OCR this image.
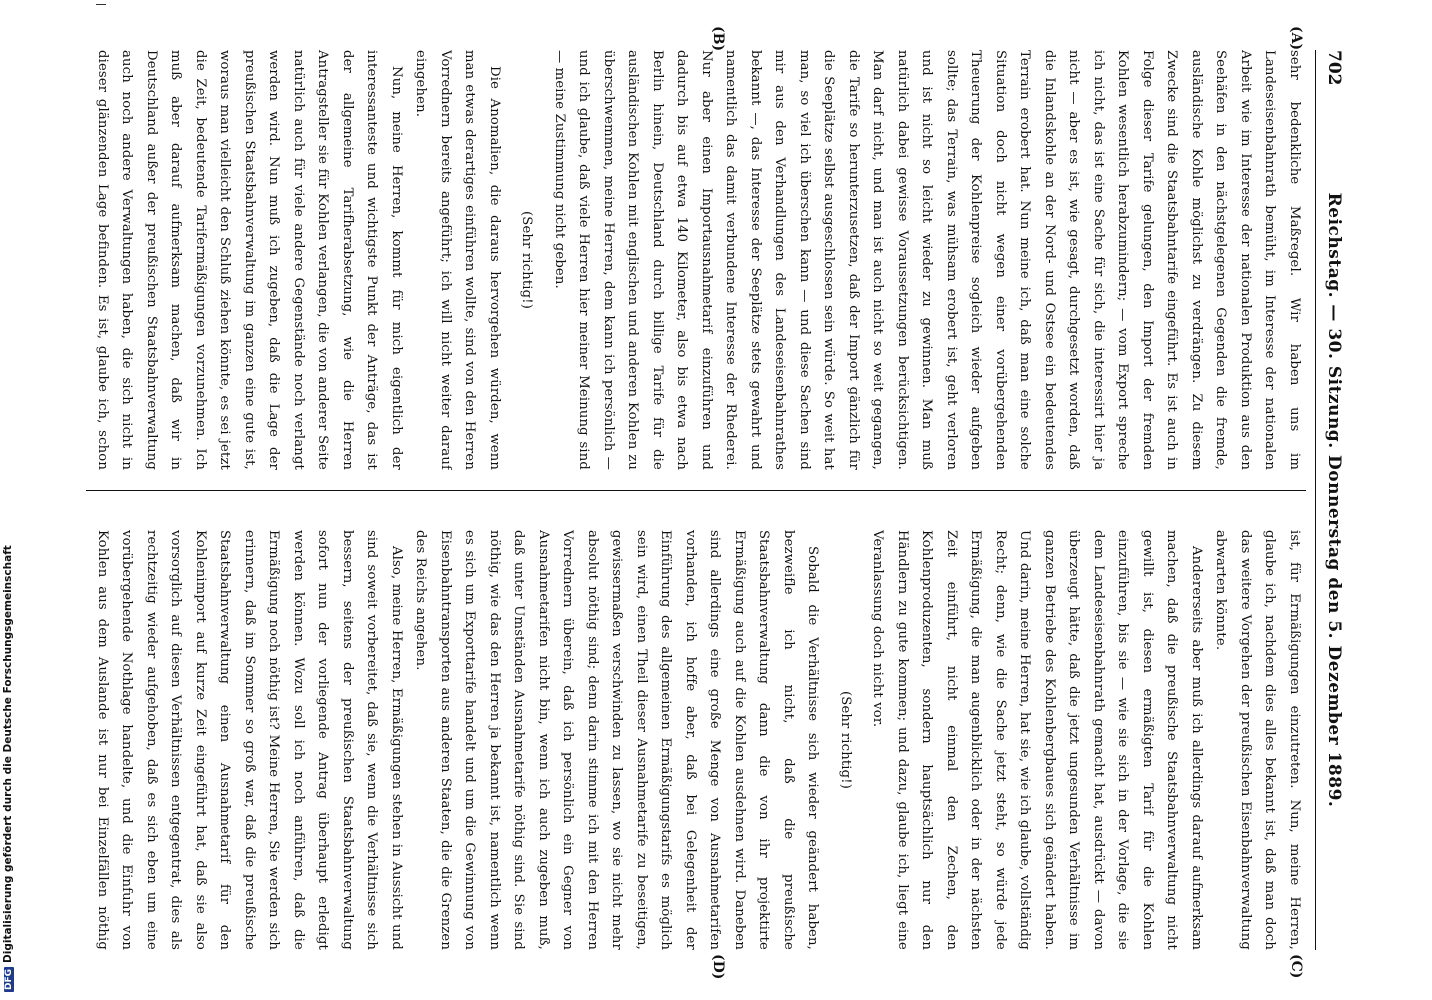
702
Reichstag. — 30. Sitzung. Donnerstag den 5. Dezember 1889.
(A)
(B)
(C)
(D)

sehr bedenkliche Maßregel. Wir haben uns im Landeseisenbahnrath bemüht, im Interesse der nationalen Arbeit wie im Interesse der nationalen Produktion aus den Seehäfen in den nächstgelegenen Gegenden die fremde, ausländische Kohle möglichst zu verdrängen. Zu diesem Zwecke sind die Staatsbahntarife eingeführt. Es ist auch in Folge dieser Tarife gelungen, den Import der fremden Kohlen wesentlich herabzumindern; — vom Export spreche ich nicht, das ist eine Sache für sich, die interessirt hier ja nicht — aber es ist, wie gesagt, durchgesetzt worden, daß die Inlandskohle an der Nord- und Ostsee ein bedeutendes Terrain erobert hat. Nun meine ich, daß man eine solche Situation doch nicht wegen einer vorübergehenden Theuerung der Kohlenpreise sogleich wieder aufgeben sollte; das Terrain, was mühsam erobert ist, geht verloren und ist nicht so leicht wieder zu gewinnen. Man muß natürlich dabei gewisse Voraussetzungen berücksichtigen. Man darf nicht, und man ist auch nicht so weit gegangen, die Tarife so herunterzusetzen, daß der Import gänzlich für die Seeplätze selbst ausgeschlossen sein würde. So weit hat man, so viel ich überschen kann — und diese Sachen sind mir aus den Verhandlungen des Landeseisenbahnrathes bekannt —, das Interesse der Seeplätze stets gewahrt und namentlich das damit verbundene Interesse der Rhederei. Nur aber einen Importausnahmetarif einzuführen und dadurch bis auf etwa 140 Kilometer, also bis etwa nach Berlin hinein, Deutschland durch billige Tarife für die ausländischen Kohlen mit englischen und anderen Kohlen zu überschwemmen, meine Herren, dem kann ich persönlich — und ich glaube, daß viele Herren hier meiner Meinung sind — meine Zustimmung nicht geben.

(Sehr richtig!)

Die Anomalien, die daraus hervorgehen würden, wenn man etwas derartiges einführen wollte, sind von den Herren Vorrednern bereits angeführt; ich will nicht weiter darauf eingehen.

Nun, meine Herren, kommt für mich eigentlich der interessanteste und wichtigste Punkt der Anträge, das ist der allgemeine Tarifherabsetzung, wie die Herren Antragsteller sie für Kohlen verlangen, die von anderer Seite natürlich auch für viele andere Gegenstände noch verlangt werden wird. Nun muß ich zugeben, daß die Lage der preußischen Staatsbahnverwaltung im ganzen eine gute ist, woraus man vielleicht den Schluß ziehen könnte, es sei jetzt die Zeit, bedeutende Tarifermäßigungen vorzunehmen. Ich muß aber darauf aufmerksam machen, daß wir in Deutschland außer der preußischen Staatsbahnverwaltung auch noch andere Verwaltungen haben, die sich nicht in dieser glänzenden Lage befinden. Es ist, glaube ich, schon

ist, für Ermäßigungen einzutreten. Nun, meine Herren, glaube ich, nachdem dies alles bekannt ist, daß man doch das weitere Vorgehen der preußischen Eisenbahnverwaltung abwarten könnte.

Andererseits aber muß ich allerdings darauf aufmerksam machen, daß die preußische Staatsbahnverwaltung nicht gewillt ist, diesen ermäßigten Tarif für die Kohlen einzuführen, bis sie — wie sie sich in der Vorlage, die sie dem Landeseisenbahnrath gemacht hat, ausdrückt — davon überzeugt hätte, daß die jetzt ungesunden Verhältnisse im ganzen Betriebe des Kohlenbergbaues sich geändert haben. Und darin, meine Herren, hat sie, wie ich glaube, vollständig Recht; denn, wie die Sache jetzt steht, so würde jede Ermäßigung, die man augenblicklich oder in der nächsten Zeit einführt, nicht einmal den Zechen, den Kohlenproduzenten, sondern hauptsächlich nur den Händlern zu gute kommen; und dazu, glaube ich, liegt eine Veranlassung doch nicht vor.

(Sehr richtig!)

Sobald die Verhältnisse sich wieder geändert haben, bezweifle ich nicht, daß die preußische Staatsbahnverwaltung dann die von ihr projektirte Ermäßigung auch auf die Kohlen ausdehnen wird. Daneben sind allerdings eine große Menge von Ausnahmetarifen vorhanden, ich hoffe aber, daß bei Gelegenheit der Einführung des allgemeinen Ermäßigungstarifs es möglich sein wird, einen Theil dieser Ausnahmetarife zu beseitigen, gewissermaßen verschwinden zu lassen, wo sie nicht mehr absolut nöthig sind; denn darin stimme ich mit den Herren Vorrednern überein, daß ich persönlich ein Gegner von Ausnahmetarifen nicht bin, wenn ich auch zugeben muß, daß unter Umständen Ausnahmetarife nöthig sind. Sie sind nöthig, wie das den Herren ja bekannt ist, namentlich wenn es sich um Exporttarife handelt und um die Gewinnung von Eisenbahntransporten aus anderen Staaten, die die Grenzen des Reichs angehen.

Also, meine Herren, Ermäßigungen stehen in Aussicht und sind soweit vorbereitet, daß sie, wenn die Verhältnisse sich bessern, seitens der preußischen Staatsbahnverwaltung sofort nun der vorliegende Antrag überhaupt erledigt werden können. Wozu soll ich noch anführen, daß die Ermäßigung noch nöthig ist? Meine Herren, Sie werden sich erinnern, daß im Sommer so groß war, daß die preußische Staatsbahnverwaltung einen Ausnahmetarif für den Kohlenimport auf kurze Zeit eingeführt hat, daß sie also vorsorglich auf diesen Verhältnissen entgegentrat, dies als rechtzeitig wieder aufgehoben, daß es sich eben um eine vorübergehende Nothlage handelte, und die Einfuhr von Kohlen aus dem Auslande ist nur bei Einzelfällen nöthig

DFGDigitalisierung gefördert durch die Deutsche Forschungsgemeinschaft
